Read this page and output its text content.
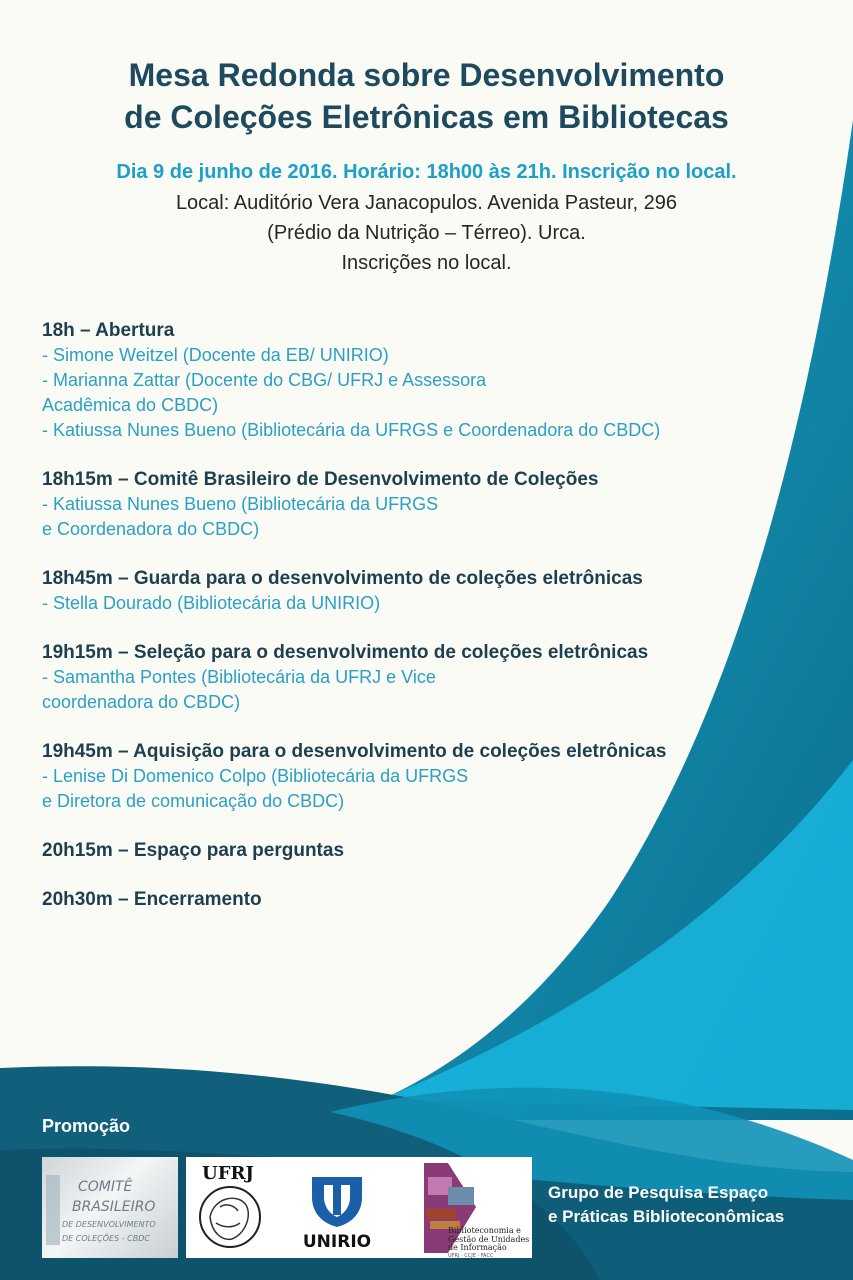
Mesa Redonda sobre Desenvolvimento
de Coleções Eletrônicas em Bibliotecas
Dia 9 de junho de 2016. Horário: 18h00 às 21h. Inscrição no local.
Local: Auditório Vera Janacopulos. Avenida Pasteur, 296
(Prédio da Nutrição – Térreo). Urca.
Inscrições no local.
18h – Abertura
- Simone Weitzel (Docente da EB/ UNIRIO)
- Marianna Zattar (Docente do CBG/ UFRJ e Assessora
Acadêmica do CBDC)
- Katiussa Nunes Bueno (Bibliotecária da UFRGS e Coordenadora do CBDC)
18h15m – Comitê Brasileiro de Desenvolvimento de Coleções
- Katiussa Nunes Bueno (Bibliotecária da UFRGS
e Coordenadora do CBDC)
18h45m – Guarda para o desenvolvimento de coleções eletrônicas
- Stella Dourado (Bibliotecária da UNIRIO)
19h15m – Seleção para o desenvolvimento de coleções eletrônicas
- Samantha Pontes (Bibliotecária da UFRJ e Vice
coordenadora do CBDC)
19h45m – Aquisição para o desenvolvimento de coleções eletrônicas
- Lenise Di Domenico Colpo (Bibliotecária da UFRGS
e Diretora de comunicação do CBDC)
20h15m – Espaço para perguntas
20h30m – Encerramento
Promoção
COMITÊ
BRASILEIRO
DE DESENVOLVIMENTO
DE COLEÇÕES - CBDC
UFRJ
UNIRIO
Biblioteconomia e
Gestão de Unidades
de Informação
UFRJ · CCJE · FACC
Grupo de Pesquisa Espaço
e Práticas Biblioteconômicas
